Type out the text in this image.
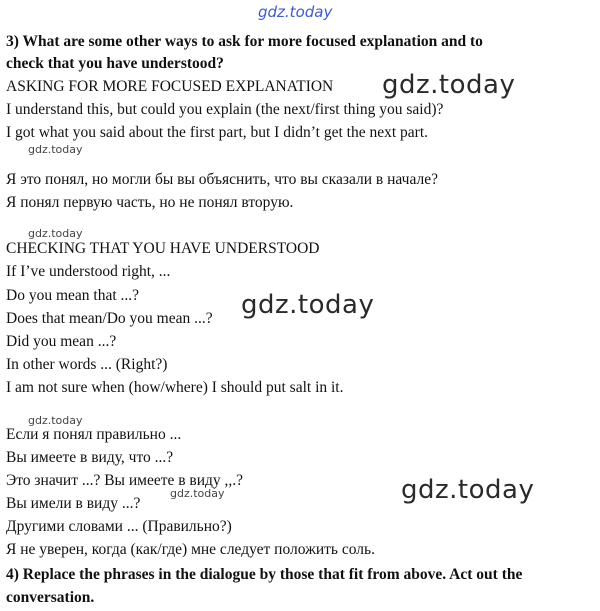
gdz.today
gdz.today
gdz.today
gdz.today
gdz.today
gdz.today
gdz.today
gdz.today
3) What are some other ways to ask for more focused explanation and to
check that you have understood?
ASKING FOR MORE FOCUSED EXPLANATION
I understand this, but could you explain (the next/first thing you said)?
I got what you said about the first part, but I didn’t get the next part.
Я это понял, но могли бы вы объяснить, что вы сказали в начале?
Я понял первую часть, но не понял вторую.
CHECKING THAT YOU HAVE UNDERSTOOD
If I’ve understood right, ...
Do you mean that ...?
Does that mean/Do you mean ...?
Did you mean ...?
In other words ... (Right?)
I am not sure when (how/where) I should put salt in it.
Если я понял правильно ...
Вы имеете в виду, что ...?
Это значит ...? Вы имеете в виду ,,.?
Вы имели в виду ...?
Другими словами ... (Правильно?)
Я не уверен, когда (как/где) мне следует положить соль.
4) Replace the phrases in the dialogue by those that fit from above. Act out the
conversation.
